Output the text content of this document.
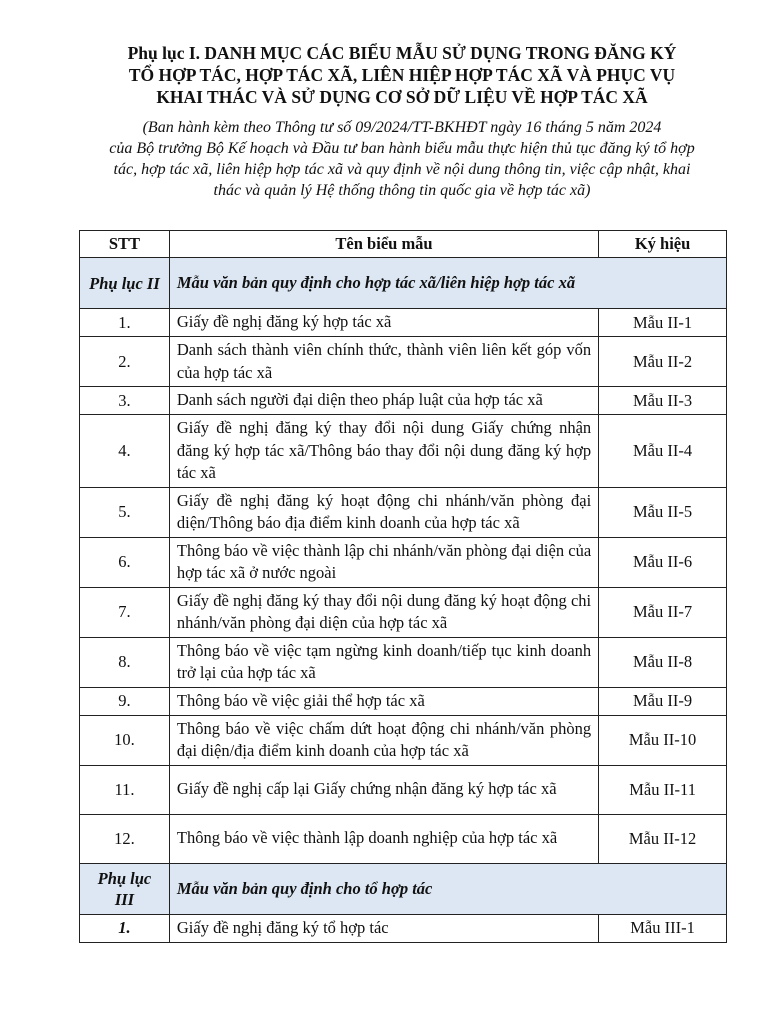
Phụ lục I. DANH MỤC CÁC BIỂU MẪU SỬ DỤNG TRONG ĐĂNG KÝ
TỔ HỢP TÁC, HỢP TÁC XÃ, LIÊN HIỆP HỢP TÁC XÃ VÀ PHỤC VỤ
KHAI THÁC VÀ SỬ DỤNG CƠ SỞ DỮ LIỆU VỀ HỢP TÁC XÃ
(Ban hành kèm theo Thông tư số 09/2024/TT-BKHĐT ngày 16 tháng 5 năm 2024
của Bộ trưởng Bộ Kế hoạch và Đầu tư ban hành biểu mẫu thực hiện thủ tục đăng ký tổ hợp
tác, hợp tác xã, liên hiệp hợp tác xã và quy định về nội dung thông tin, việc cập nhật, khai
thác và quản lý Hệ thống thông tin quốc gia về hợp tác xã)
STT	Tên biểu mẫu	Ký hiệu
Phụ lục II	Mẫu văn bản quy định cho hợp tác xã/liên hiệp hợp tác xã	
1.	Giấy đề nghị đăng ký hợp tác xã	Mẫu II-1
2.	Danh sách thành viên chính thức, thành viên liên kết góp vốn của hợp tác xã	Mẫu II-2
3.	Danh sách người đại diện theo pháp luật của hợp tác xã	Mẫu II-3
4.	Giấy đề nghị đăng ký thay đổi nội dung Giấy chứng nhận đăng ký hợp tác xã/Thông báo thay đổi nội dung đăng ký hợp tác xã	Mẫu II-4
5.	Giấy đề nghị đăng ký hoạt động chi nhánh/văn phòng đại diện/Thông báo địa điểm kinh doanh của hợp tác xã	Mẫu II-5
6.	Thông báo về việc thành lập chi nhánh/văn phòng đại diện của hợp tác xã ở nước ngoài	Mẫu II-6
7.	Giấy đề nghị đăng ký thay đổi nội dung đăng ký hoạt động chi nhánh/văn phòng đại diện của hợp tác xã	Mẫu II-7
8.	Thông báo về việc tạm ngừng kinh doanh/tiếp tục kinh doanh trở lại của hợp tác xã	Mẫu II-8
9.	Thông báo về việc giải thể hợp tác xã	Mẫu II-9
10.	Thông báo về việc chấm dứt hoạt động chi nhánh/văn phòng đại diện/địa điểm kinh doanh của hợp tác xã	Mẫu II-10
11.	Giấy đề nghị cấp lại Giấy chứng nhận đăng ký hợp tác xã	Mẫu II-11
12.	Thông báo về việc thành lập doanh nghiệp của hợp tác xã	Mẫu II-12
Phụ lục III	Mẫu văn bản quy định cho tổ hợp tác	
1.	Giấy đề nghị đăng ký tổ hợp tác	Mẫu III-1
